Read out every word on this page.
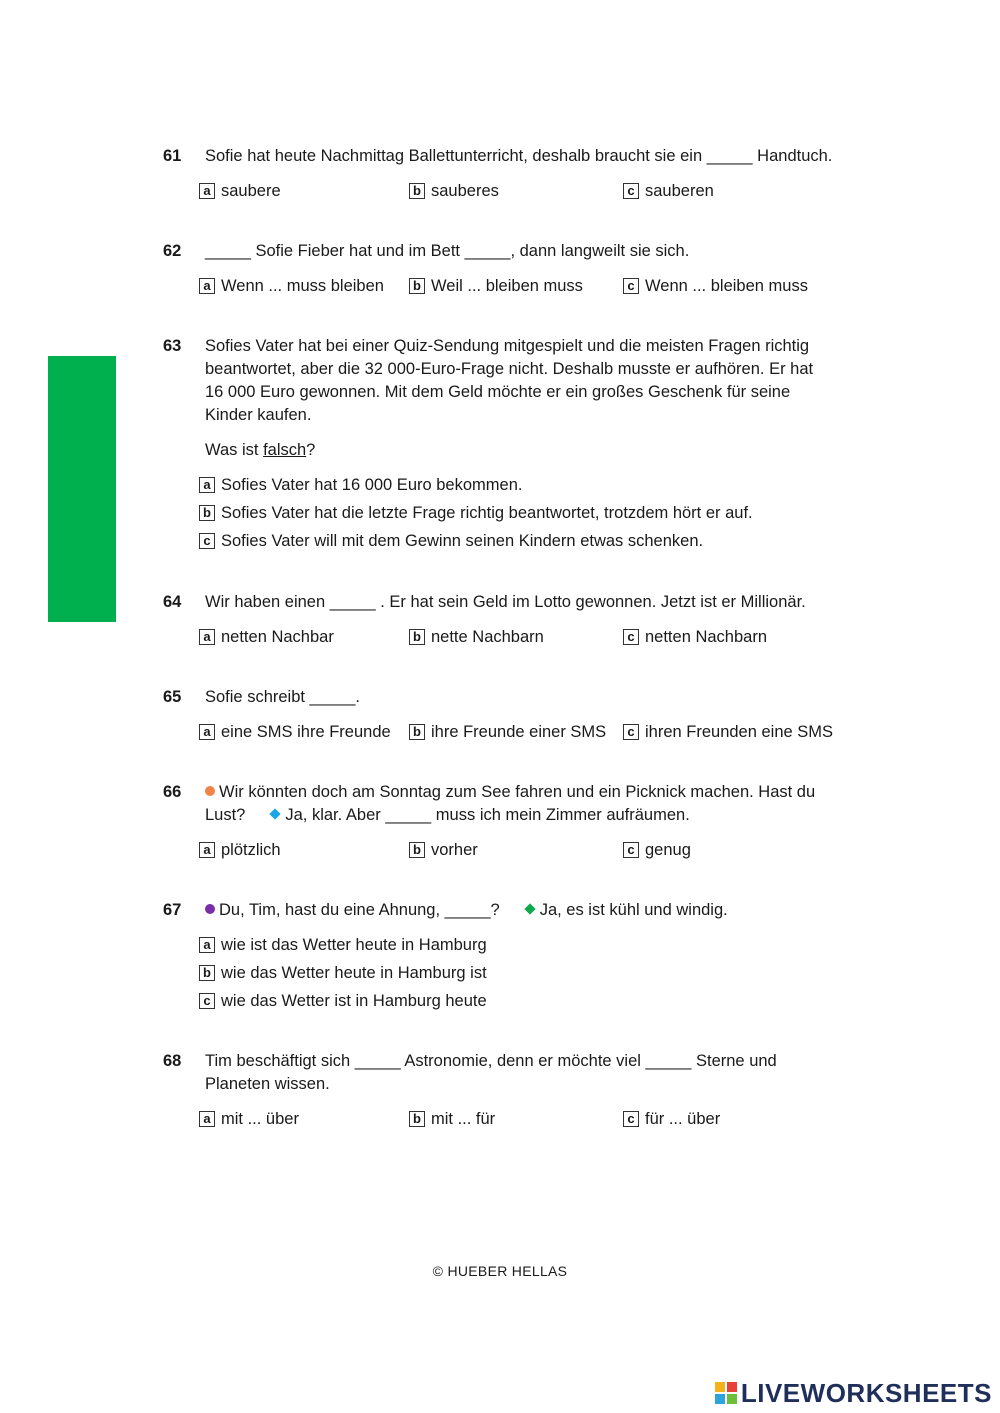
61	Sofie hat heute Nachmittag Ballettunterricht, deshalb braucht sie ein _____ Handtuch.
a saubere	b sauberes	c sauberen
62	_____ Sofie Fieber hat und im Bett _____, dann langweilt sie sich.
a Wenn ... muss bleiben	b Weil ... bleiben muss	c Wenn ... bleiben muss
63	Sofies Vater hat bei einer Quiz-Sendung mitgespielt und die meisten Fragen richtig
beantwortet, aber die 32 000-Euro-Frage nicht. Deshalb musste er aufhören. Er hat
16 000 Euro gewonnen. Mit dem Geld möchte er ein großes Geschenk für seine
Kinder kaufen.
Was ist falsch?
a Sofies Vater hat 16 000 Euro bekommen.
b Sofies Vater hat die letzte Frage richtig beantwortet, trotzdem hört er auf.
c Sofies Vater will mit dem Gewinn seinen Kindern etwas schenken.
64	Wir haben einen _____ . Er hat sein Geld im Lotto gewonnen. Jetzt ist er Millionär.
a netten Nachbar	b nette Nachbarn	c netten Nachbarn
65	Sofie schreibt _____.
a eine SMS ihre Freunde	b ihre Freunde einer SMS	c ihren Freunden eine SMS
66	Wir könnten doch am Sonntag zum See fahren und ein Picknick machen. Hast du
Lust? Ja, klar. Aber _____ muss ich mein Zimmer aufräumen.
a plötzlich	b vorher	c genug
67	Du, Tim, hast du eine Ahnung, _____? Ja, es ist kühl und windig.
a wie ist das Wetter heute in Hamburg
b wie das Wetter heute in Hamburg ist
c wie das Wetter ist in Hamburg heute
68	Tim beschäftigt sich _____ Astronomie, denn er möchte viel _____ Sterne und
Planeten wissen.
a mit ... über	b mit ... für	c für ... über
© HUEBER HELLAS
LIVEWORKSHEETS
